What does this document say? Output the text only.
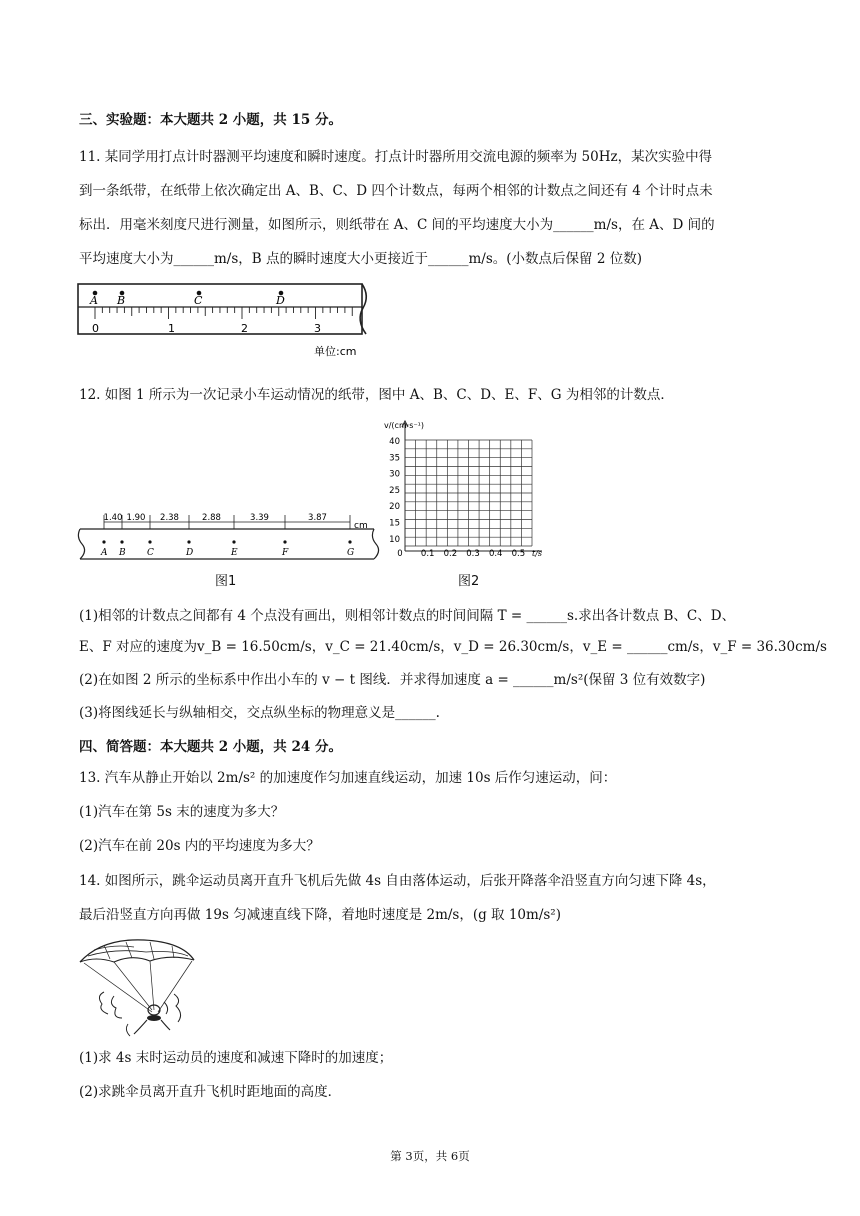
三、实验题：本大题共 2 小题，共 15 分。
11. 某同学用打点计时器测平均速度和瞬时速度。打点计时器所用交流电源的频率为 50Hz，某次实验中得
到一条纸带，在纸带上依次确定出 A、B、C、D 四个计数点，每两个相邻的计数点之间还有 4 个计时点未
标出．用毫米刻度尺进行测量，如图所示，则纸带在 A、C 间的平均速度大小为______m/s，在 A、D 间的
平均速度大小为______m/s，B 点的瞬时速度大小更接近于______m/s。(小数点后保留 2 位数)
A B	C	D
0	1	2	3
单位:cm
12. 如图 1 所示为一次记录小车运动情况的纸带，图中 A、B、C、D、E、F、G 为相邻的计数点．
A B C	D	E	F	G
1.40 1.90 2.38	2.88	3.39	3.87
cm
图1
v/(cm·s⁻¹)
40
35
30
25
20
15
10
0 0.1 0.2 0.3 0.4 0.5 t/s
图2
(1)相邻的计数点之间都有 4 个点没有画出，则相邻计数点的时间间隔 T = ______s.求出各计数点 B、C、D、
E、F 对应的速度为v_B = 16.50cm/s，v_C = 21.40cm/s，v_D = 26.30cm/s，v_E = ______cm/s，v_F = 36.30cm/s
(2)在如图 2 所示的坐标系中作出小车的 v − t 图线．并求得加速度 a = ______m/s²(保留 3 位有效数字)
(3)将图线延长与纵轴相交，交点纵坐标的物理意义是______.
四、简答题：本大题共 2 小题，共 24 分。
13. 汽车从静止开始以 2m/s² 的加速度作匀加速直线运动，加速 10s 后作匀速运动，问：
(1)汽车在第 5s 末的速度为多大？
(2)汽车在前 20s 内的平均速度为多大？
14. 如图所示，跳伞运动员离开直升飞机后先做 4s 自由落体运动，后张开降落伞沿竖直方向匀速下降 4s，
最后沿竖直方向再做 19s 匀减速直线下降，着地时速度是 2m/s，(g 取 10m/s²)
(1)求 4s 末时运动员的速度和减速下降时的加速度；
(2)求跳伞员离开直升飞机时距地面的高度．
第 3页，共 6页
